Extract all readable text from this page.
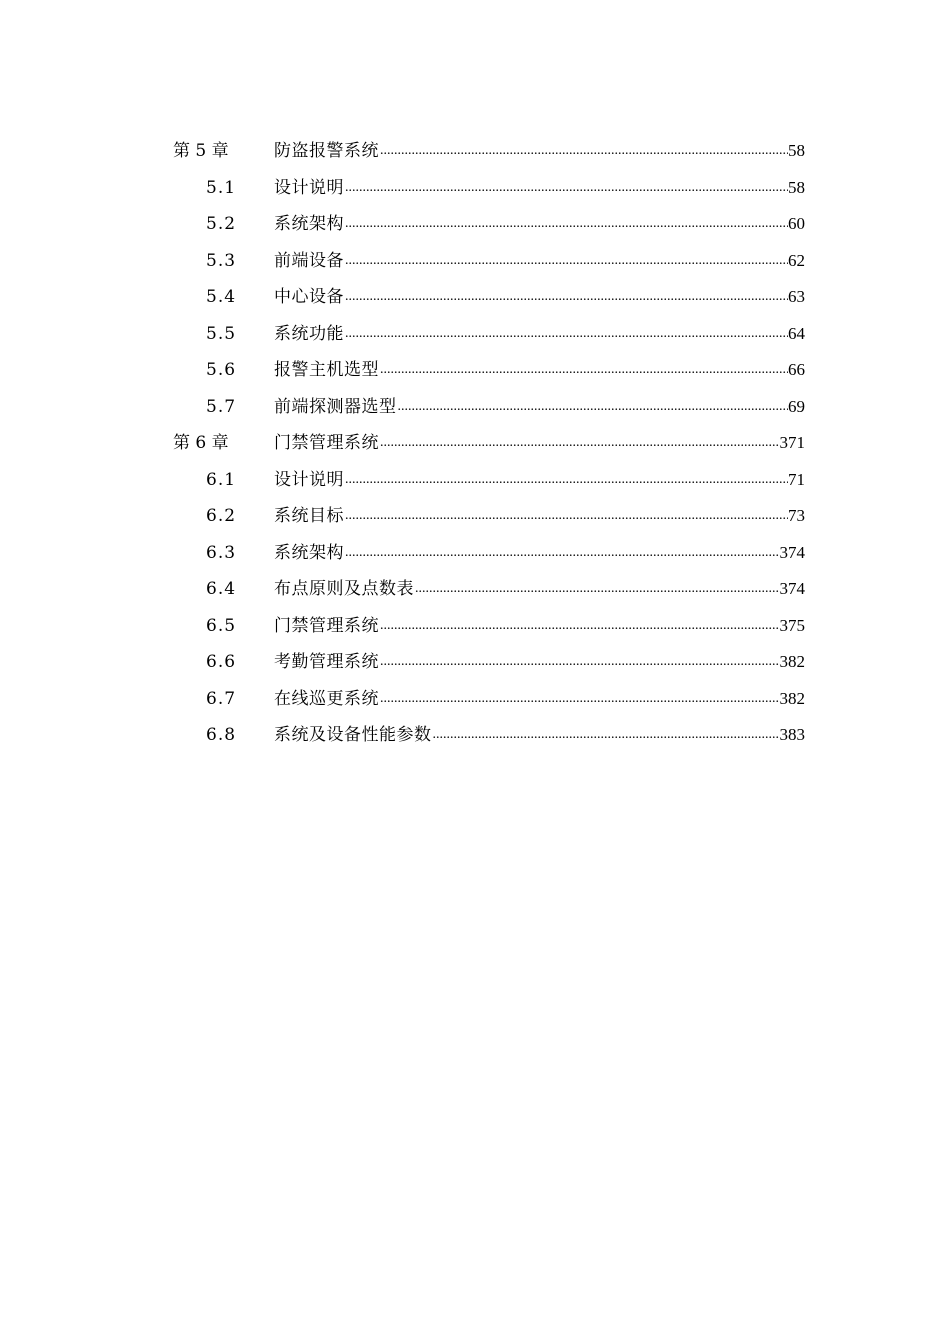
第 5 章	防盗报警系统 .....	58
5.1	设计说明 .....	58
5.2	系统架构 .....	60
5.3	前端设备 .....	62
5.4	中心设备 .....	63
5.5	系统功能 .....	64
5.6	报警主机选型 .....	66
5.7	前端探测器选型 .....	69
第 6 章	门禁管理系统 .....	371
6.1	设计说明 .....	71
6.2	系统目标 .....	73
6.3	系统架构 .....	374
6.4	布点原则及点数表 .....	374
6.5	门禁管理系统 .....	375
6.6	考勤管理系统 .....	382
6.7	在线巡更系统 .....	382
6.8	系统及设备性能参数 .....	383
